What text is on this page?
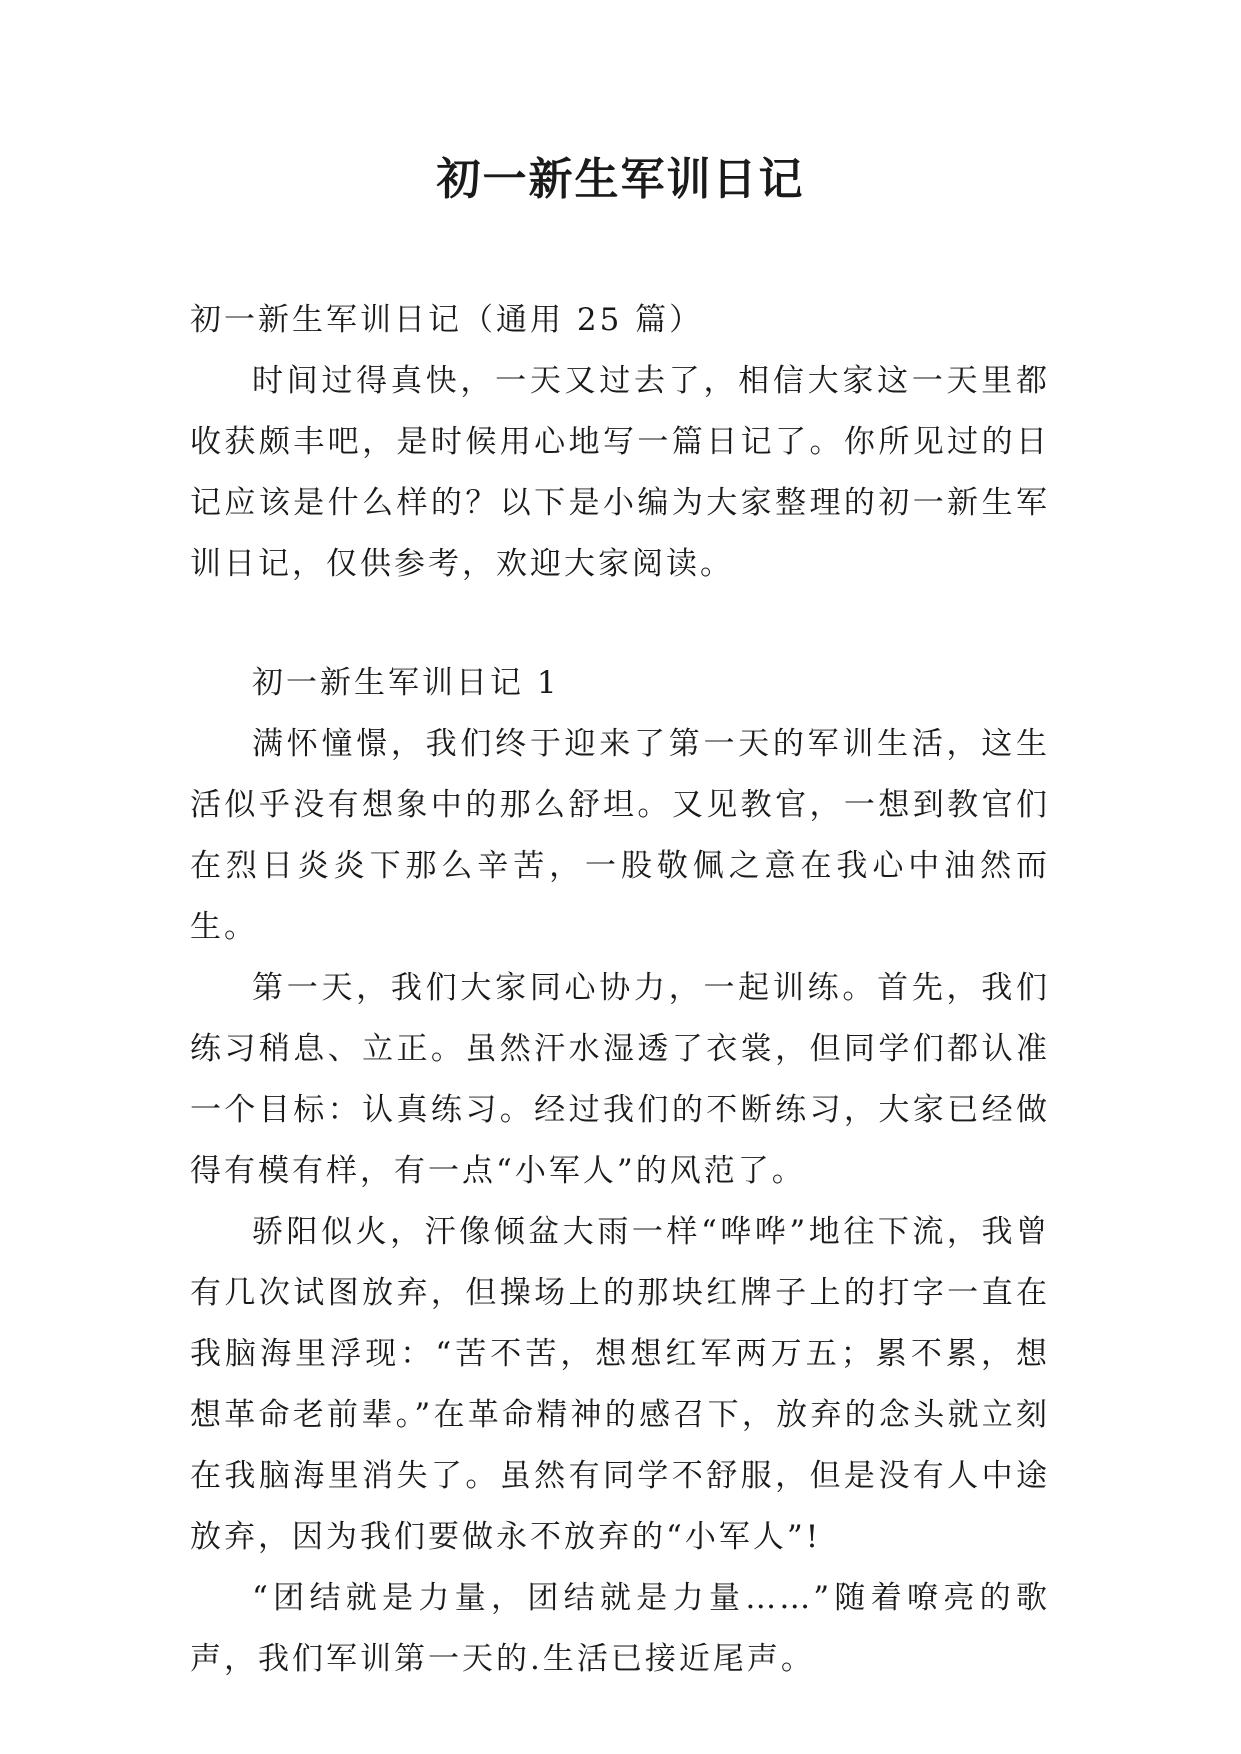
初一新生军训日记

初一新生军训日记（通用 25 篇）

时间过得真快，一天又过去了，相信大家这一天里都收获颇丰吧，是时候用心地写一篇日记了。你所见过的日记应该是什么样的？以下是小编为大家整理的初一新生军训日记，仅供参考，欢迎大家阅读。

初一新生军训日记 1

满怀憧憬，我们终于迎来了第一天的军训生活，这生活似乎没有想象中的那么舒坦。又见教官，一想到教官们在烈日炎炎下那么辛苦，一股敬佩之意在我心中油然而生。

第一天，我们大家同心协力，一起训练。首先，我们练习稍息、立正。虽然汗水湿透了衣裳，但同学们都认准一个目标：认真练习。经过我们的不断练习，大家已经做得有模有样，有一点“小军人”的风范了。

骄阳似火，汗像倾盆大雨一样“哗哗”地往下流，我曾有几次试图放弃，但操场上的那块红牌子上的打字一直在我脑海里浮现：“苦不苦，想想红军两万五；累不累，想想革命老前辈。”在革命精神的感召下，放弃的念头就立刻在我脑海里消失了。虽然有同学不舒服，但是没有人中途放弃，因为我们要做永不放弃的“小军人”!

“团结就是力量，团结就是力量……”随着嘹亮的歌声，我们军训第一天的.生活已接近尾声。
